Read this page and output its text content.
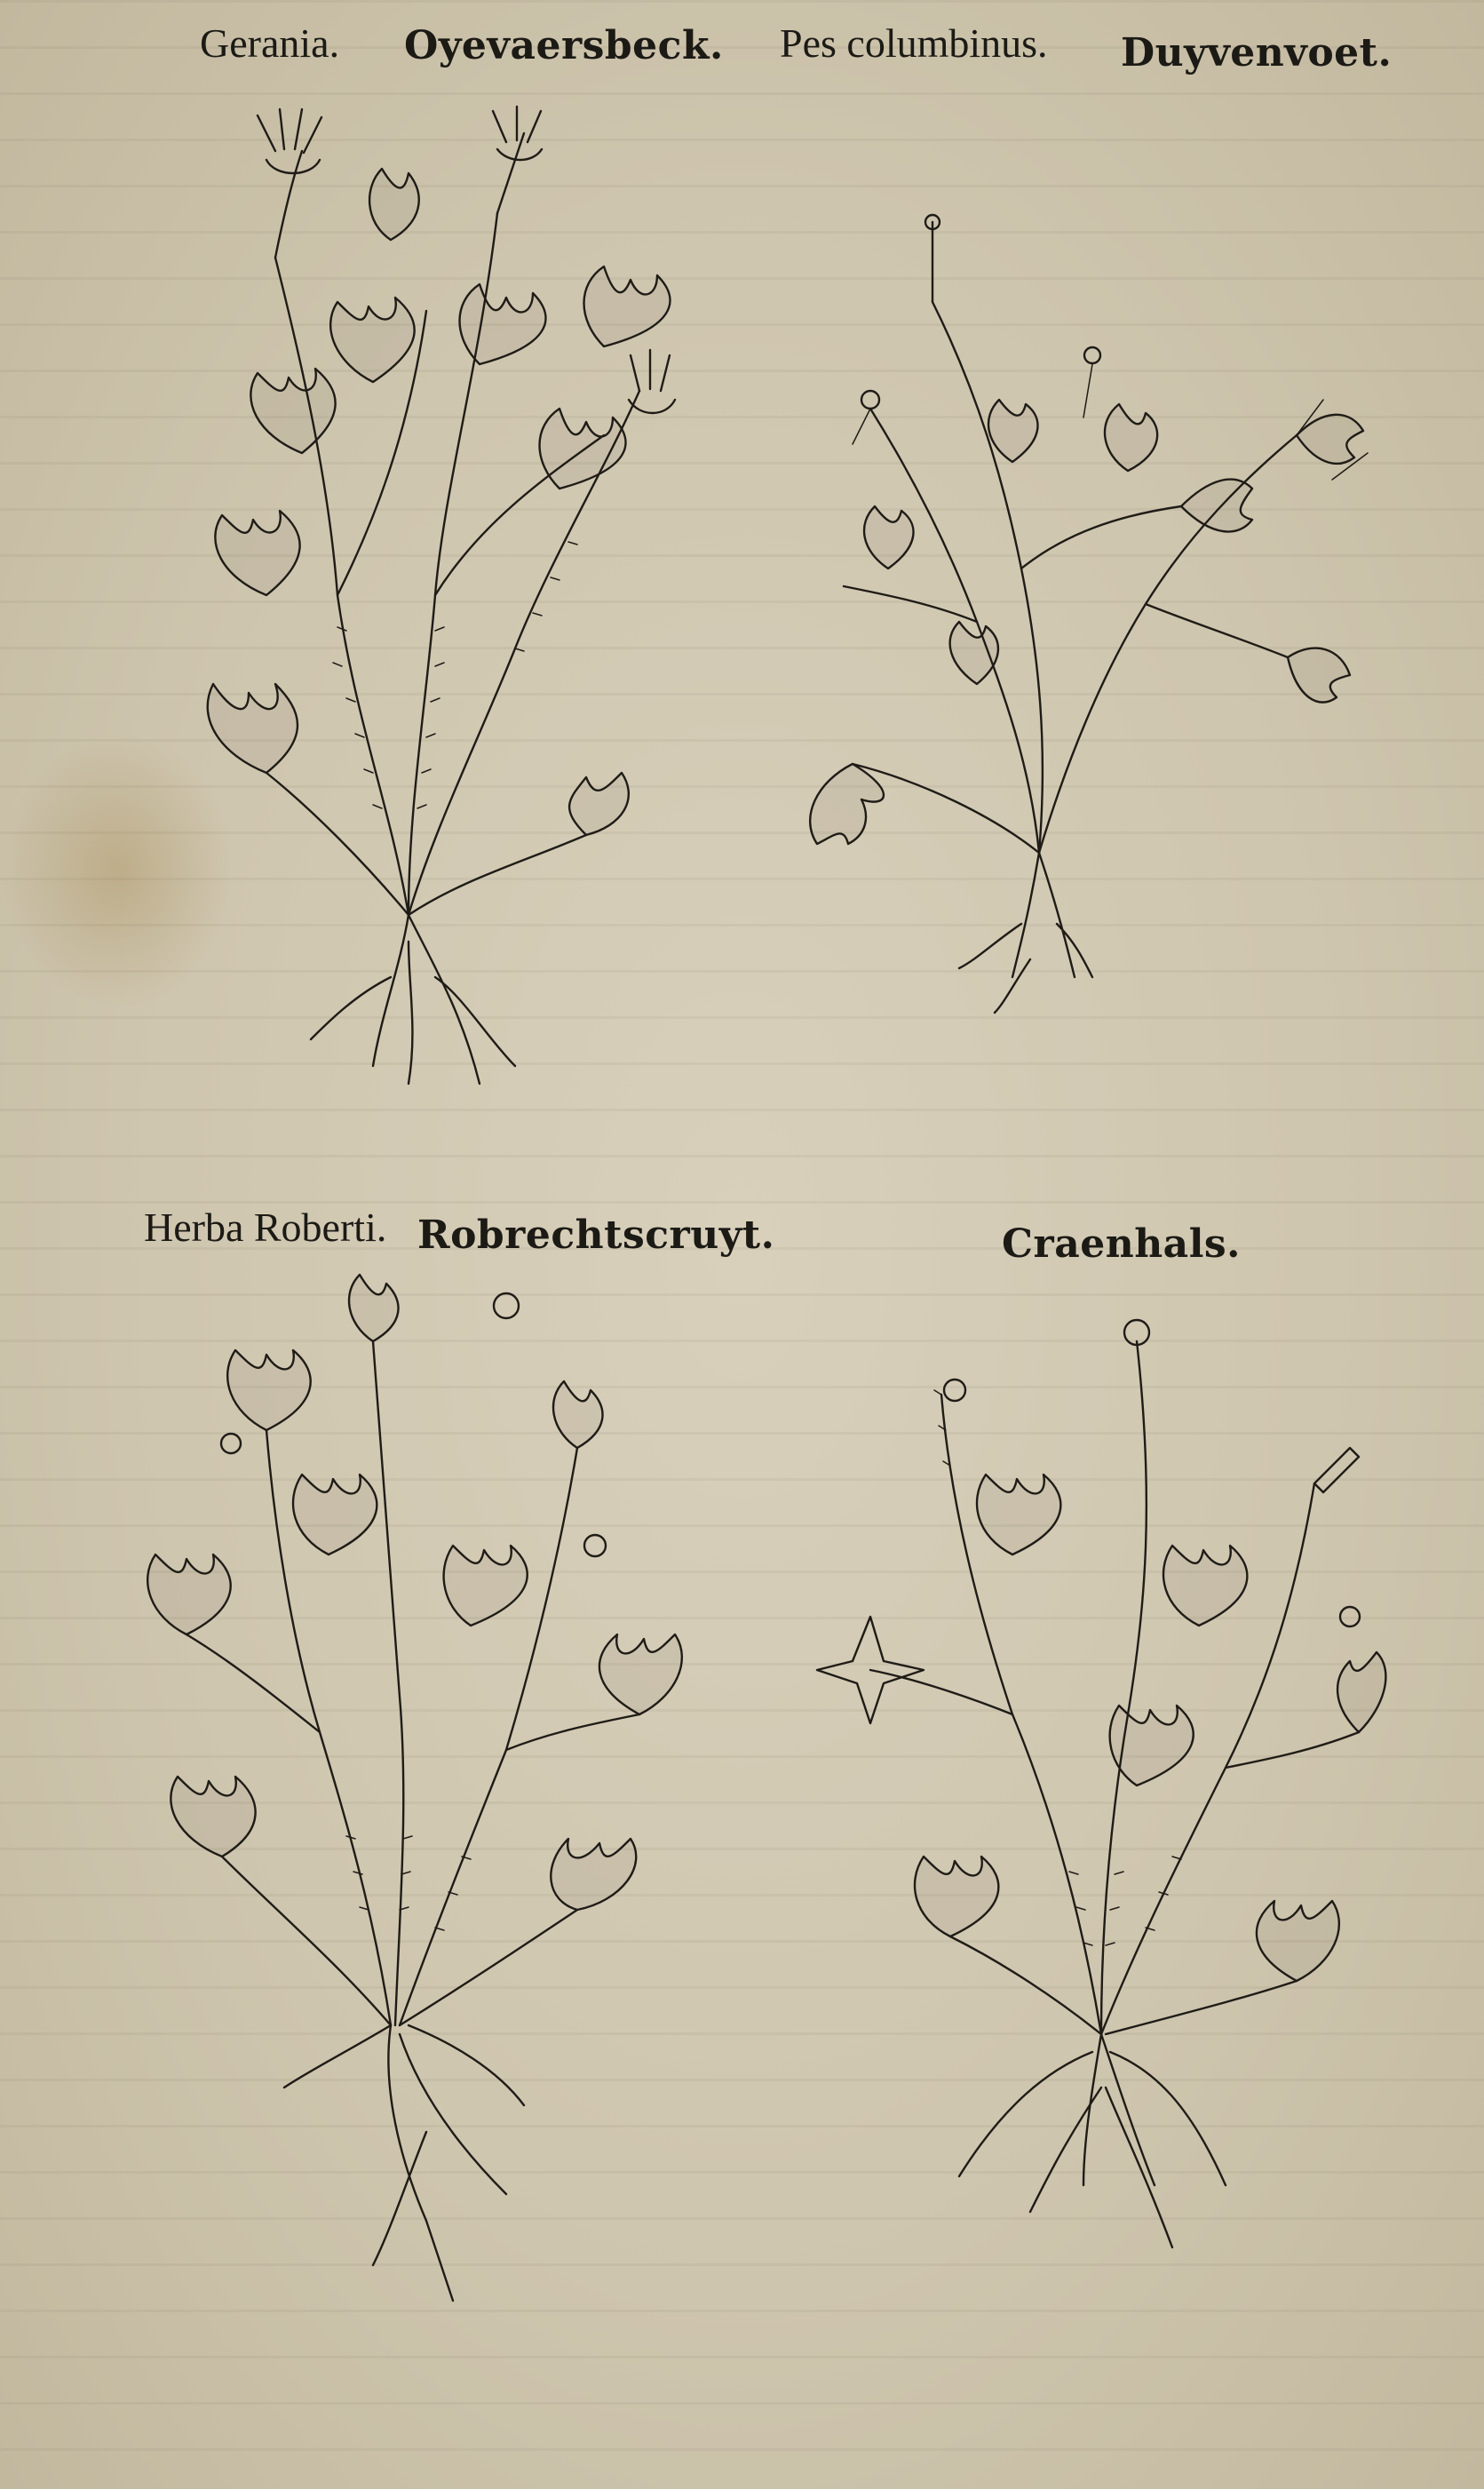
Gerania. Oyevaersbeck. Pes columbinus. Duyvenvoet.
Herba Roberti. Robrechtscruyt.	Craenhals.
